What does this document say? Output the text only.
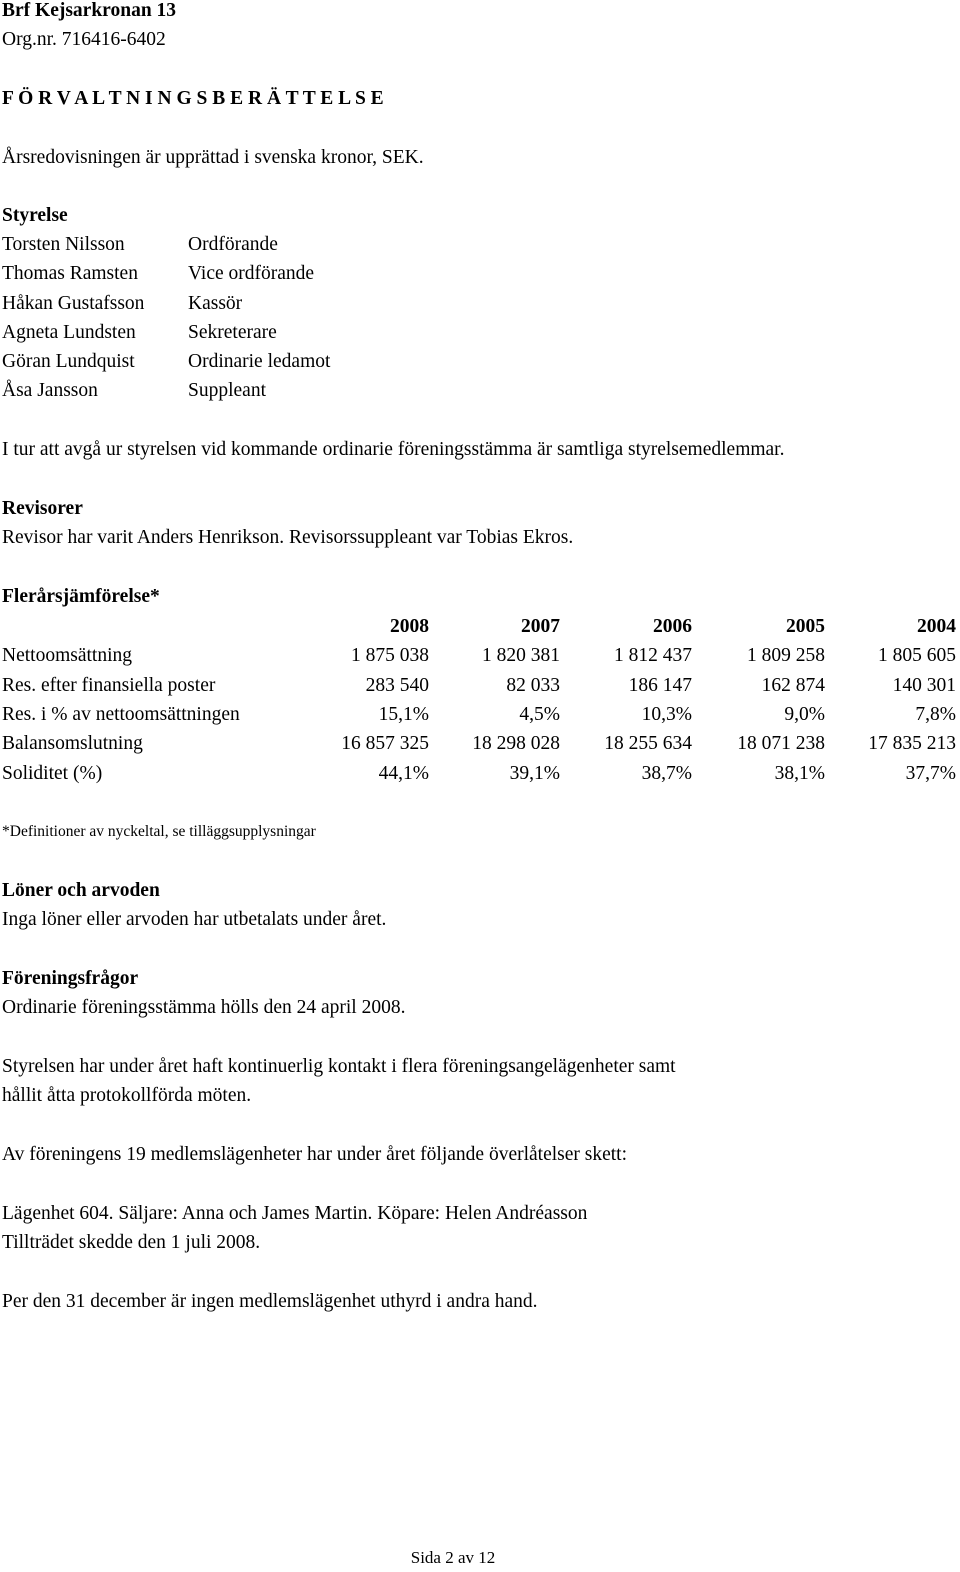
Brf Kejsarkronan 13
Org.nr. 716416-6402
F Ö R V A L T N I N G S B E R Ä T T E L S E
Årsredovisningen är upprättad i svenska kronor, SEK.
Styrelse
Torsten Nilsson	Ordförande
Thomas Ramsten	Vice ordförande
Håkan Gustafsson Kassör
Agneta Lundsten	Sekreterare
Göran Lundquist	Ordinarie ledamot
Åsa Jansson	Suppleant
I tur att avgå ur styrelsen vid kommande ordinarie föreningsstämma är samtliga styrelsemedlemmar.
Revisorer
Revisor har varit Anders Henrikson. Revisorssuppleant var Tobias Ekros.
Flerårsjämförelse*
	2008	2007	2006	2005	2004
Nettoomsättning	1 875 038	1 820 381	1 812 437	1 809 258	1 805 605
Res. efter finansiella poster	283 540	82 033	186 147	162 874	140 301
Res. i % av nettoomsättningen	15,1%	4,5%	10,3%	9,0%	7,8%
Balansomslutning	16 857 325	18 298 028	18 255 634	18 071 238	17 835 213
Soliditet (%)	44,1%	39,1%	38,7%	38,1%	37,7%
*Definitioner av nyckeltal, se tilläggsupplysningar
Löner och arvoden
Inga löner eller arvoden har utbetalats under året.
Föreningsfrågor
Ordinarie föreningsstämma hölls den 24 april 2008.
Styrelsen har under året haft kontinuerlig kontakt i flera föreningsangelägenheter samt
hållit åtta protokollförda möten.
Av föreningens 19 medlemslägenheter har under året följande överlåtelser skett:
Lägenhet 604. Säljare: Anna och James Martin. Köpare: Helen Andréasson
Tillträdet skedde den 1 juli 2008.
Per den 31 december är ingen medlemslägenhet uthyrd i andra hand.
Sida 2 av 12
